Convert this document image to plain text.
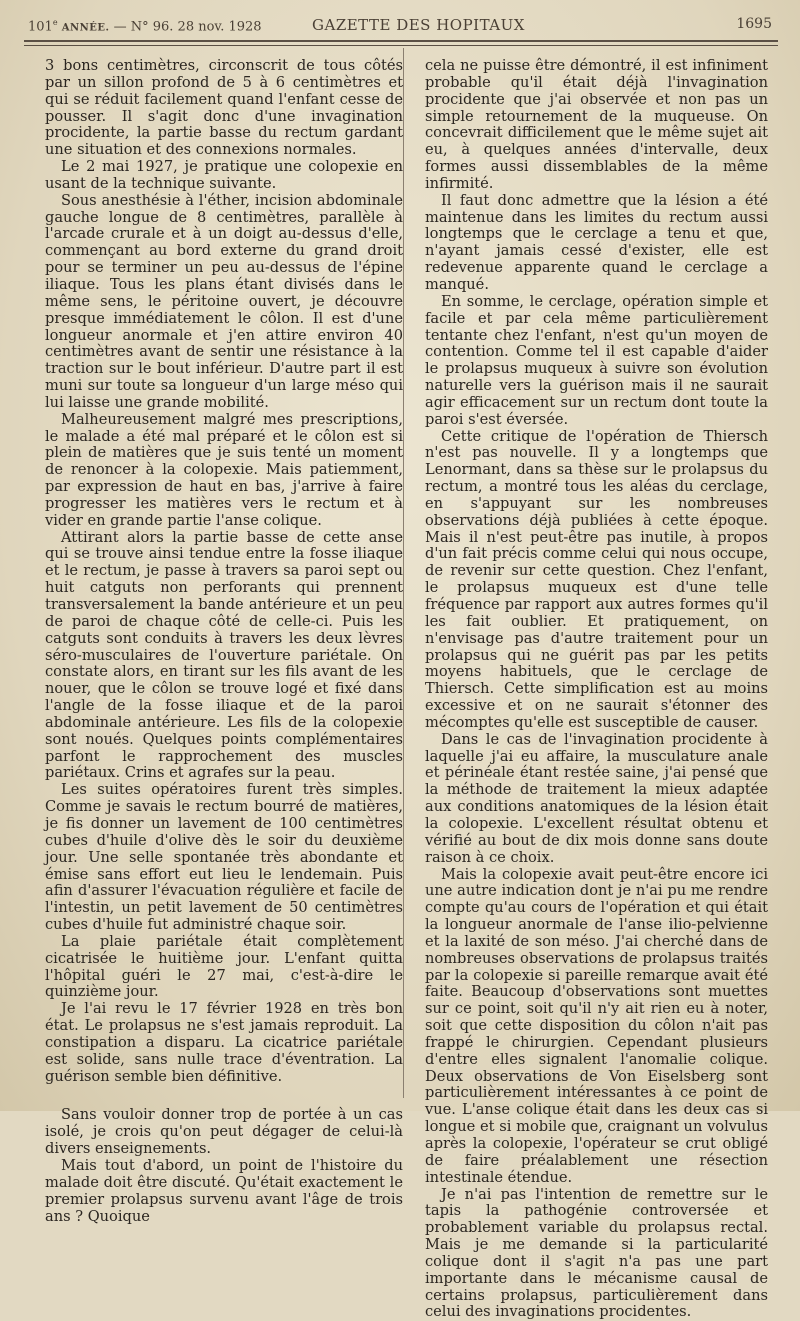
101e ANNÉE. — N° 96. 28 nov. 1928	GAZETTE DES HOPITAUX	1695

3 bons centimètres, circonscrit de tous côtés par un sillon profond de 5 à 6 centimètres et qui se réduit facilement quand l'enfant cesse de pousser. Il s'agit donc d'une invagination procidente, la partie basse du rectum gardant une situation et des connexions normales.

Le 2 mai 1927, je pratique une colopexie en usant de la technique suivante.

Sous anesthésie à l'éther, incision abdominale gauche longue de 8 centimètres, parallèle à l'arcade crurale et à un doigt au-dessus d'elle, commençant au bord externe du grand droit pour se terminer un peu au-dessus de l'épine iliaque. Tous les plans étant divisés dans le même sens, le péritoine ouvert, je découvre presque immédiatement le côlon. Il est d'une longueur anormale et j'en attire environ 40 centimètres avant de sentir une résistance à la traction sur le bout inférieur. D'autre part il est muni sur toute sa longueur d'un large méso qui lui laisse une grande mobilité.

Malheureusement malgré mes prescriptions, le malade a été mal préparé et le côlon est si plein de matières que je suis tenté un moment de renoncer à la colopexie. Mais patiemment, par expression de haut en bas, j'arrive à faire progresser les matières vers le rectum et à vider en grande partie l'anse colique.

Attirant alors la partie basse de cette anse qui se trouve ainsi tendue entre la fosse iliaque et le rectum, je passe à travers sa paroi sept ou huit catguts non perforants qui prennent transversalement la bande antérieure et un peu de paroi de chaque côté de celle-ci. Puis les catguts sont conduits à travers les deux lèvres séro-musculaires de l'ouverture pariétale. On constate alors, en tirant sur les fils avant de les nouer, que le côlon se trouve logé et fixé dans l'angle de la fosse iliaque et de la paroi abdominale antérieure. Les fils de la colopexie sont noués. Quelques points complémentaires parfont le rapprochement des muscles pariétaux. Crins et agrafes sur la peau.

Les suites opératoires furent très simples. Comme je savais le rectum bourré de matières, je fis donner un lavement de 100 centimètres cubes d'huile d'olive dès le soir du deuxième jour. Une selle spontanée très abondante et émise sans effort eut lieu le lendemain. Puis afin d'assurer l'évacuation régulière et facile de l'intestin, un petit lavement de 50 centimètres cubes d'huile fut administré chaque soir.

La plaie pariétale était complètement cicatrisée le huitième jour. L'enfant quitta l'hôpital guéri le 27 mai, c'est-à-dire le quinzième jour.

Je l'ai revu le 17 février 1928 en très bon état. Le prolapsus ne s'est jamais reproduit. La constipation a disparu. La cicatrice pariétale est solide, sans nulle trace d'éventration. La guérison semble bien définitive.

Sans vouloir donner trop de portée à un cas isolé, je crois qu'on peut dégager de celui-là divers enseignements.

Mais tout d'abord, un point de l'histoire du malade doit être discuté. Qu'était exactement le premier prolapsus survenu avant l'âge de trois ans ? Quoique

cela ne puisse être démontré, il est infiniment probable qu'il était déjà l'invagination procidente que j'ai observée et non pas un simple retournement de la muqueuse. On concevrait difficilement que le même sujet ait eu, à quelques années d'intervalle, deux formes aussi dissemblables de la même infirmité.

Il faut donc admettre que la lésion a été maintenue dans les limites du rectum aussi longtemps que le cerclage a tenu et que, n'ayant jamais cessé d'exister, elle est redevenue apparente quand le cerclage a manqué.

En somme, le cerclage, opération simple et facile et par cela même particulièrement tentante chez l'enfant, n'est qu'un moyen de contention. Comme tel il est capable d'aider le prolapsus muqueux à suivre son évolution naturelle vers la guérison mais il ne saurait agir efficacement sur un rectum dont toute la paroi s'est éversée.

Cette critique de l'opération de Thiersch n'est pas nouvelle. Il y a longtemps que Lenormant, dans sa thèse sur le prolapsus du rectum, a montré tous les aléas du cerclage, en s'appuyant sur les nombreuses observations déjà publiées à cette époque. Mais il n'est peut-être pas inutile, à propos d'un fait précis comme celui qui nous occupe, de revenir sur cette question. Chez l'enfant, le prolapsus muqueux est d'une telle fréquence par rapport aux autres formes qu'il les fait oublier. Et pratiquement, on n'envisage pas d'autre traitement pour un prolapsus qui ne guérit pas par les petits moyens habituels, que le cerclage de Thiersch. Cette simplification est au moins excessive et on ne saurait s'étonner des mécomptes qu'elle est susceptible de causer.

Dans le cas de l'invagination procidente à laquelle j'ai eu affaire, la musculature anale et périnéale étant restée saine, j'ai pensé que la méthode de traitement la mieux adaptée aux conditions anatomiques de la lésion était la colopexie. L'excellent résultat obtenu et vérifié au bout de dix mois donne sans doute raison à ce choix.

Mais la colopexie avait peut-être encore ici une autre indication dont je n'ai pu me rendre compte qu'au cours de l'opération et qui était la longueur anormale de l'anse ilio-pelvienne et la laxité de son méso. J'ai cherché dans de nombreuses observations de prolapsus traités par la colopexie si pareille remarque avait été faite. Beaucoup d'observations sont muettes sur ce point, soit qu'il n'y ait rien eu à noter, soit que cette disposition du côlon n'ait pas frappé le chirurgien. Cependant plusieurs d'entre elles signalent l'anomalie colique. Deux observations de Von Eiselsberg sont particulièrement intéressantes à ce point de vue. L'anse colique était dans les deux cas si longue et si mobile que, craignant un volvulus après la colopexie, l'opérateur se crut obligé de faire préalablement une résection intestinale étendue.

Je n'ai pas l'intention de remettre sur le tapis la pathogénie controversée et probablement variable du prolapsus rectal. Mais je me demande si la particularité colique dont il s'agit n'a pas une part importante dans le mécanisme causal de certains prolapsus, particulièrement dans celui des invaginations procidentes.
